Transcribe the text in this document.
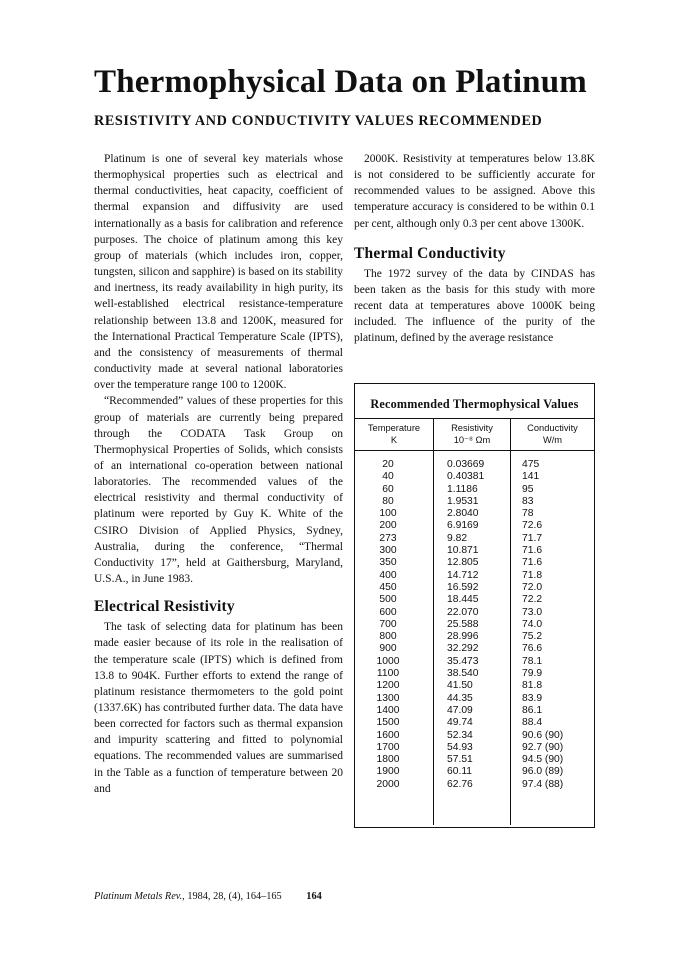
Thermophysical Data on Platinum
RESISTIVITY AND CONDUCTIVITY VALUES RECOMMENDED

Platinum is one of several key materials whose thermophysical properties such as electrical and thermal conductivities, heat capacity, coefficient of thermal expansion and diffusivity are used internationally as a basis for calibration and reference purposes. The choice of platinum among this key group of materials (which includes iron, copper, tungsten, silicon and sapphire) is based on its stability and inertness, its ready availability in high purity, its well-established electrical resistance-temperature relationship between 13.8 and 1200K, measured for the International Practical Temperature Scale (IPTS), and the consistency of measurements of thermal conductivity made at several national laboratories over the temperature range 100 to 1200K.

“Recommended” values of these properties for this group of materials are currently being prepared through the CODATA Task Group on Thermophysical Properties of Solids, which consists of an international co-operation between national laboratories. The recommended values of the electrical resistivity and thermal conductivity of platinum were reported by Guy K. White of the CSIRO Division of Applied Physics, Sydney, Australia, during the conference, “Thermal Conductivity 17”, held at Gaithersburg, Maryland, U.S.A., in June 1983.

Electrical Resistivity

The task of selecting data for platinum has been made easier because of its role in the realisation of the temperature scale (IPTS) which is defined from 13.8 to 904K. Further efforts to extend the range of platinum resistance thermometers to the gold point (1337.6K) has contributed further data. The data have been corrected for factors such as thermal expansion and impurity scattering and fitted to polynomial equations. The recommended values are summarised in the Table as a function of temperature between 20 and

2000K. Resistivity at temperatures below 13.8K is not considered to be sufficiently accurate for recommended values to be assigned. Above this temperature accuracy is considered to be within 0.1 per cent, although only 0.3 per cent above 1300K.

Thermal Conductivity

The 1972 survey of the data by CINDAS has been taken as the basis for this study with more recent data at temperatures above 1000K being included. The influence of the purity of the platinum, defined by the average resistance

Recommended Thermophysical Values
Temperature
K
Resistivity
10⁻⁸ Ωm
Conductivity
W/m
20
40
60
80
100
200
273
300
350
400
450
500
600
700
800
900
1000
1100
1200
1300
1400
1500
1600
1700
1800
1900
2000
0.03669
0.40381
1.1186
1.9531
2.8040
6.9169
9.82
10.871
12.805
14.712
16.592
18.445
22.070
25.588
28.996
32.292
35.473
38.540
41.50
44.35
47.09
49.74
52.34
54.93
57.51
60.11
62.76
475
141
95
83
78
72.6
71.7
71.6
71.6
71.8
72.0
72.2
73.0
74.0
75.2
76.6
78.1
79.9
81.8
83.9
86.1
88.4
90.6 (90)
92.7 (90)
94.5 (90)
96.0 (89)
97.4 (88)
Platinum Metals Rev., 1984, 28, (4), 164–165 164
